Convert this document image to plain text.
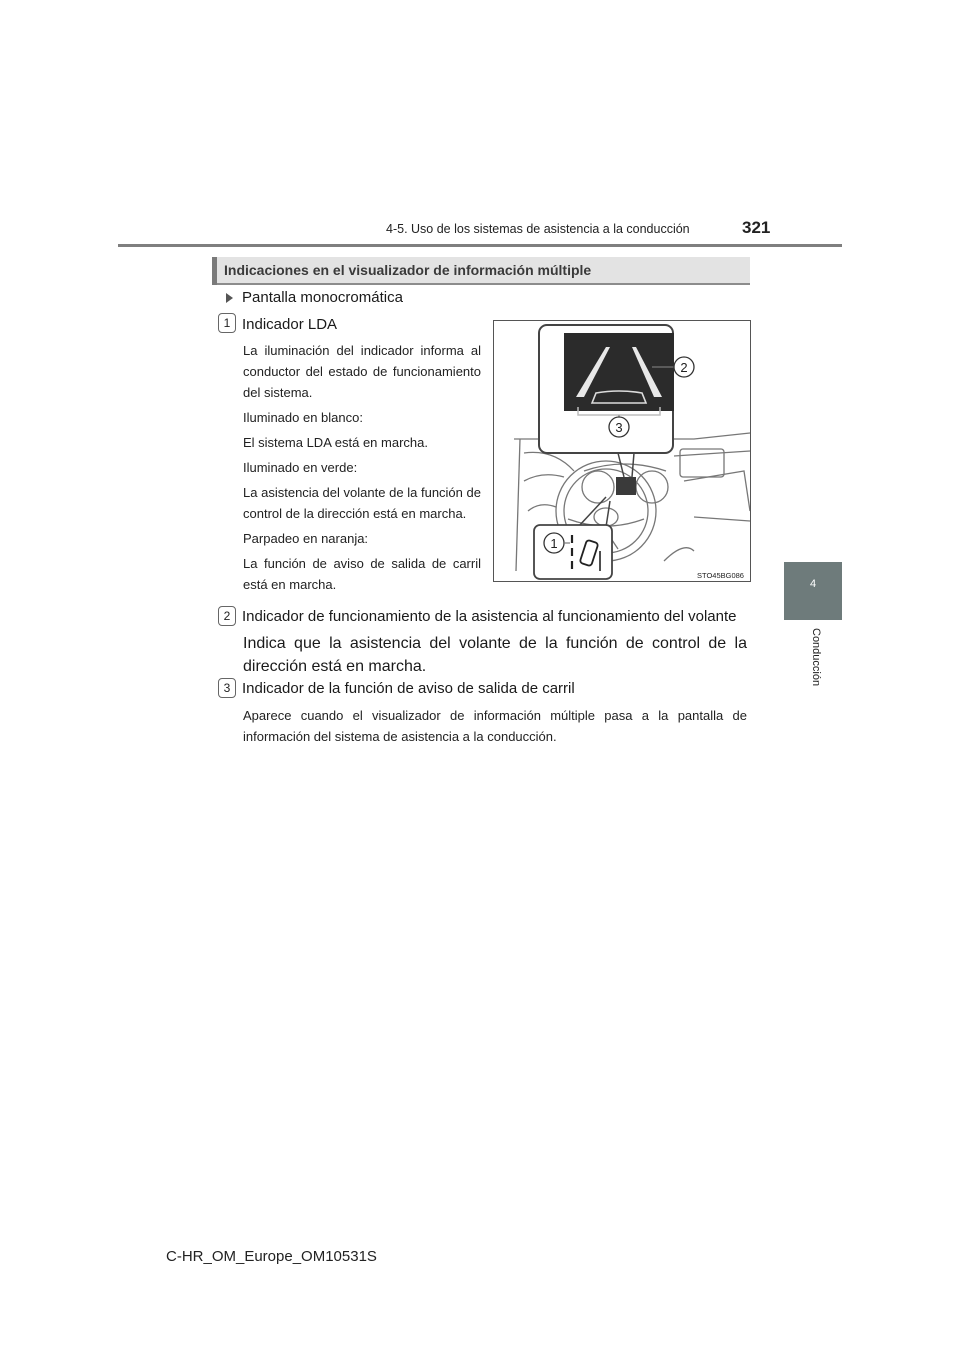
4-5. Uso de los sistemas de asistencia a la conducción	321
4
Conducción
Indicaciones en el visualizador de información múltiple
Pantalla monocromática
1 Indicador LDA
La iluminación del indicador informa al conductor del estado de funcionamiento del sistema.
Iluminado en blanco:
El sistema LDA está en marcha.
Iluminado en verde:
La asistencia del volante de la función de control de la dirección está en marcha.
Parpadeo en naranja:
La función de aviso de salida de carril está en marcha.
2 Indicador de funcionamiento de la asistencia al funcionamiento del volante
Indica que la asistencia del volante de la función de control de la dirección está en marcha.
3 Indicador de la función de aviso de salida de carril
Aparece cuando el visualizador de información múltiple pasa a la pantalla de información del sistema de asistencia a la conducción.
2
3
1
STO45BG086
C-HR_OM_Europe_OM10531S
